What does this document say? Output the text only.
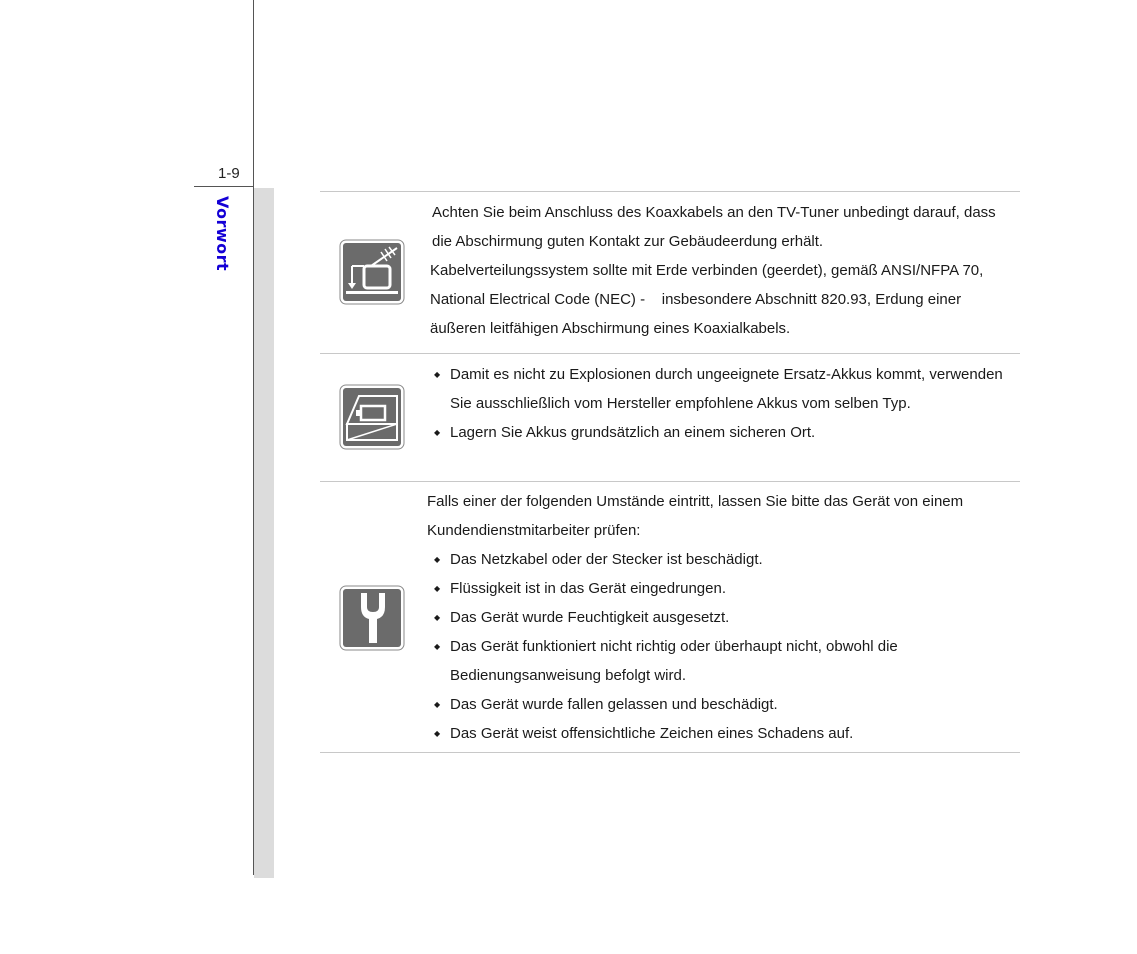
1-9
Vorwort	Achten Sie beim Anschluss des Koaxkabels an den TV-Tuner unbedingt darauf, dass die Abschirmung guten Kontakt zur Gebäudeerdung erhält.

Kabelverteilungssystem sollte mit Erde verbinden (geerdet), gemäß ANSI/NFPA 70, National Electrical Code (NEC) -    insbesondere Abschnitt 820.93, Erdung einer äußeren leitfähigen Abschirmung eines Koaxialkabels.

◆ Damit es nicht zu Explosionen durch ungeeignete Ersatz-Akkus kommt, verwenden Sie ausschließlich vom Hersteller empfohlene Akkus vom selben Typ.
◆ Lagern Sie Akkus grundsätzlich an einem sicheren Ort.

Falls einer der folgenden Umstände eintritt, lassen Sie bitte das Gerät von einem Kundendienstmitarbeiter prüfen:

◆ Das Netzkabel oder der Stecker ist beschädigt.
◆ Flüssigkeit ist in das Gerät eingedrungen.
◆ Das Gerät wurde Feuchtigkeit ausgesetzt.
◆ Das Gerät funktioniert nicht richtig oder überhaupt nicht, obwohl die Bedienungsanweisung befolgt wird.
◆ Das Gerät wurde fallen gelassen und beschädigt.
◆ Das Gerät weist offensichtliche Zeichen eines Schadens auf.
